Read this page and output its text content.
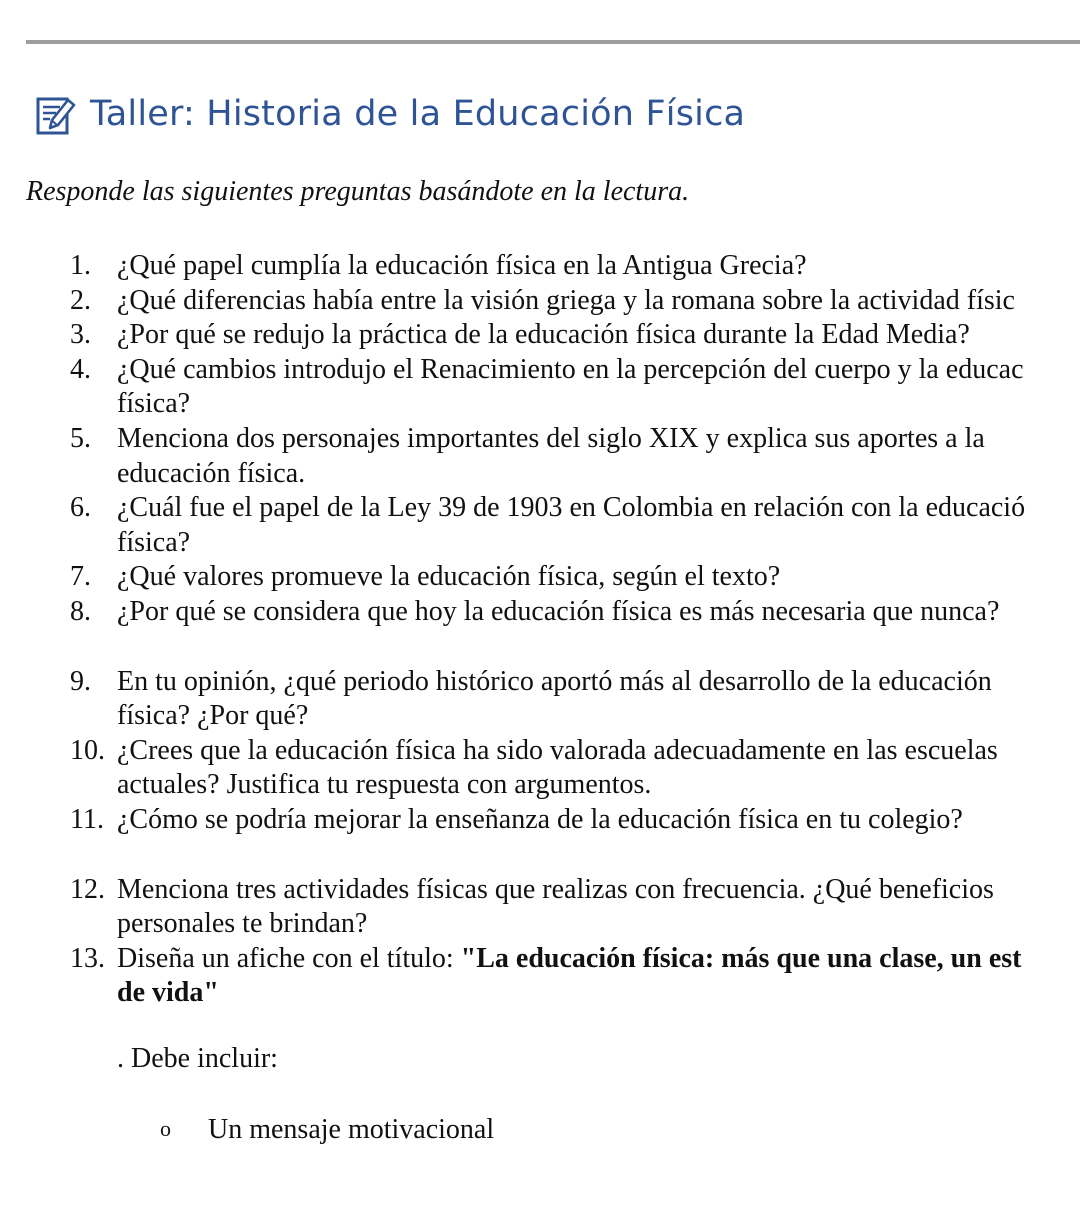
Taller: Historia de la Educación Física
Responde las siguientes preguntas basándote en la lectura.
1. ¿Qué papel cumplía la educación física en la Antigua Grecia?
2. ¿Qué diferencias había entre la visión griega y la romana sobre la actividad físic
3. ¿Por qué se redujo la práctica de la educación física durante la Edad Media?
4. ¿Qué cambios introdujo el Renacimiento en la percepción del cuerpo y la educac
física?
5. Menciona dos personajes importantes del siglo XIX y explica sus aportes a la
educación física.
6. ¿Cuál fue el papel de la Ley 39 de 1903 en Colombia en relación con la educació
física?
7. ¿Qué valores promueve la educación física, según el texto?
8. ¿Por qué se considera que hoy la educación física es más necesaria que nunca?
9. En tu opinión, ¿qué periodo histórico aportó más al desarrollo de la educación
física? ¿Por qué?
10. ¿Crees que la educación física ha sido valorada adecuadamente en las escuelas
actuales? Justifica tu respuesta con argumentos.
11. ¿Cómo se podría mejorar la enseñanza de la educación física en tu colegio?
12. Menciona tres actividades físicas que realizas con frecuencia. ¿Qué beneficios
personales te brindan?
13. Diseña un afiche con el título: "La educación física: más que una clase, un est
de vida"
. Debe incluir:
o Un mensaje motivacional
